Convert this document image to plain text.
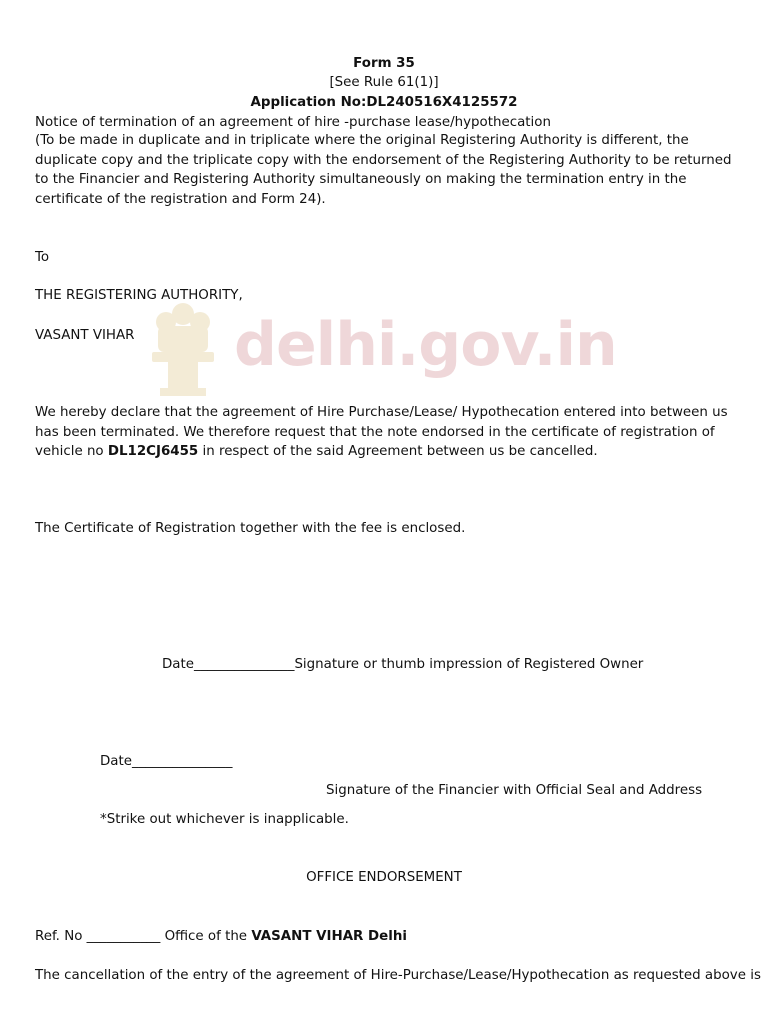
Form 35
[See Rule 61(1)]
Application No:DL240516X4125572
Notice of termination of an agreement of hire -purchase lease/hypothecation
(To be made in duplicate and in triplicate where the original Registering Authority is different, the duplicate copy and the triplicate copy with the endorsement of the Registering Authority to be returned to the Financier and Registering Authority simultaneously on making the termination entry in the certificate of the registration and Form 24).
To
THE REGISTERING AUTHORITY,
VASANT VIHAR delhi.gov.in
We hereby declare that the agreement of Hire Purchase/Lease/ Hypothecation entered into between us has been terminated. We therefore request that the note endorsed in the certificate of registration of vehicle no DL12CJ6455 in respect of the said Agreement between us be cancelled.
The Certificate of Registration together with the fee is enclosed.
Date_______________Signature or thumb impression of Registered Owner
Date_______________
Signature of the Financier with Official Seal and Address
*Strike out whichever is inapplicable.
OFFICE ENDORSEMENT
Ref. No ___________ Office of the VASANT VIHAR Delhi
The cancellation of the entry of the agreement of Hire-Purchase/Lease/Hypothecation as requested above is
